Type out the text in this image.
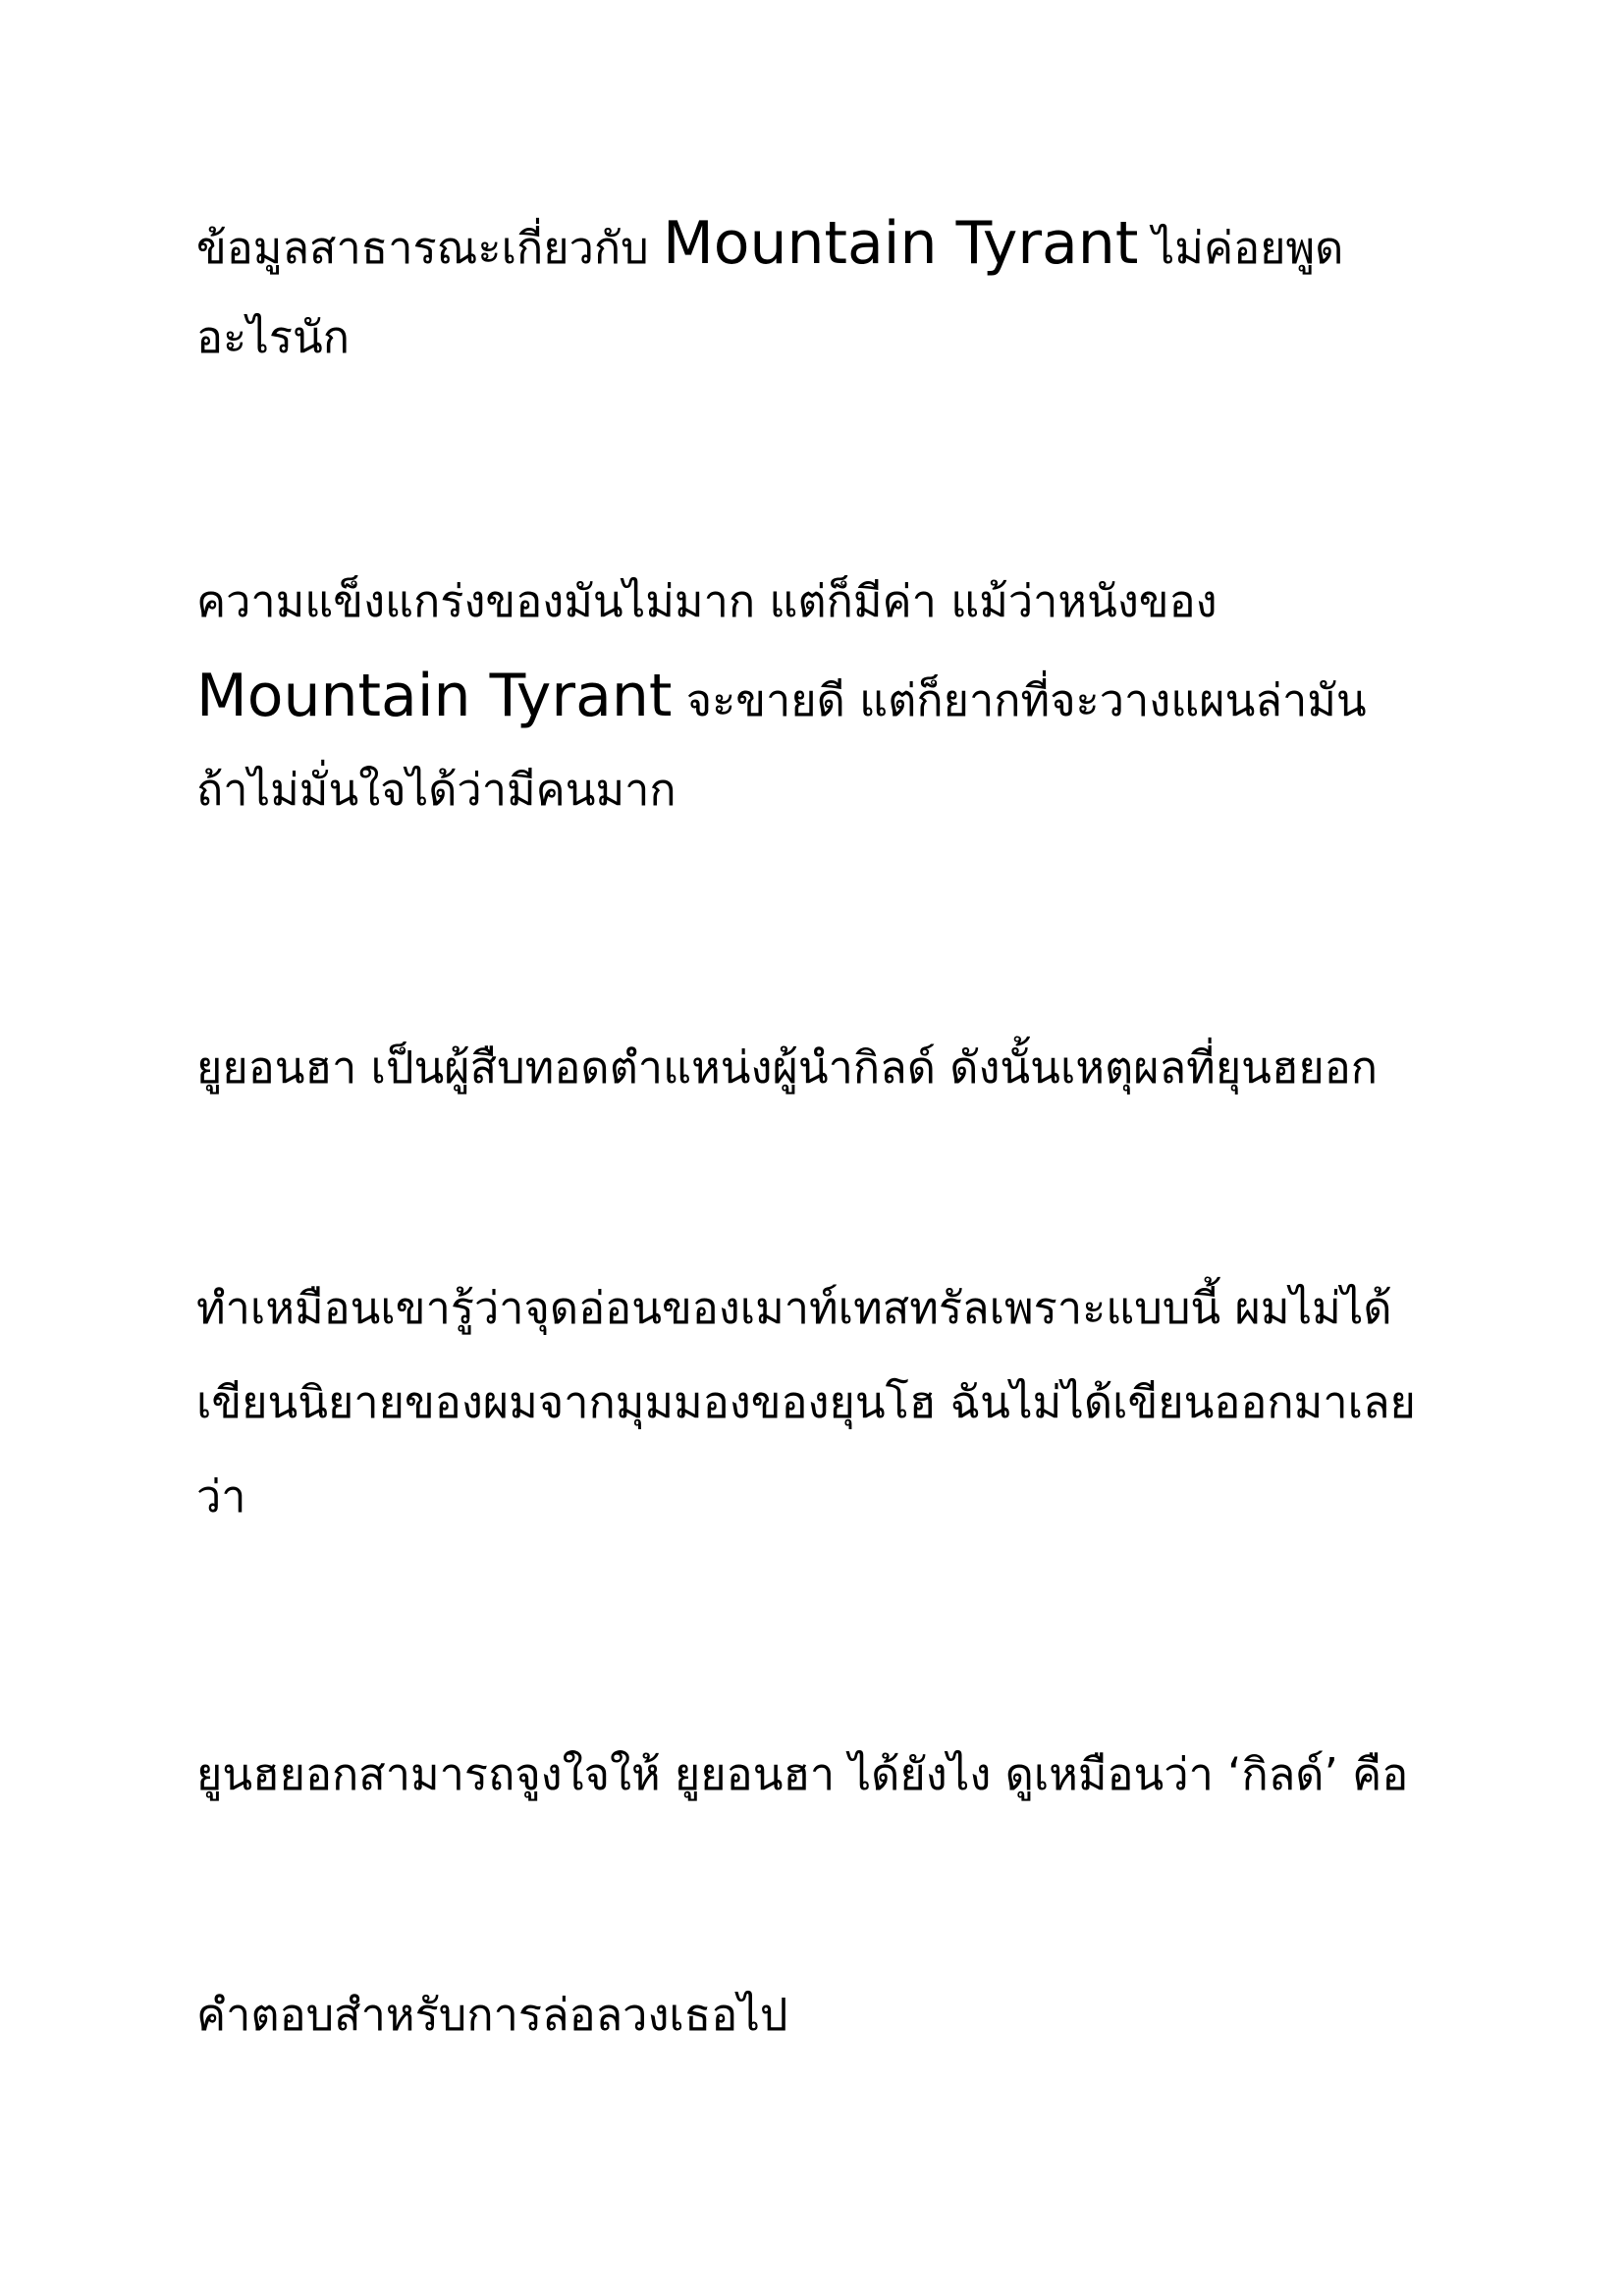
ข้อมูลสาธารณะเกี่ยวกับ Mountain Tyrant ไม่ค่อยพูด
อะไรนัก

ความแข็งแกร่งของมันไม่มาก แต่ก็มีค่า แม้ว่าหนังของ
Mountain Tyrant จะขายดี แต่ก็ยากที่จะวางแผนล่ามัน
ถ้าไม่มั่นใจได้ว่ามีคนมาก

ยูยอนฮา เป็นผู้สืบทอดตำแหน่งผู้นำกิลด์ ดังนั้นเหตุผลที่ยุนฮยอก

ทำเหมือนเขารู้ว่าจุดอ่อนของเมาท์เทสทรัลเพราะแบบนี้ ผมไม่ได้
เขียนนิยายของผมจากมุมมองของยุนโฮ ฉันไม่ได้เขียนออกมาเลย
ว่า

ยูนฮยอกสามารถจูงใจให้ ยูยอนฮา ได้ยังไง ดูเหมือนว่า ‘กิลด์’ คือ

คำตอบสำหรับการล่อลวงเธอไป
